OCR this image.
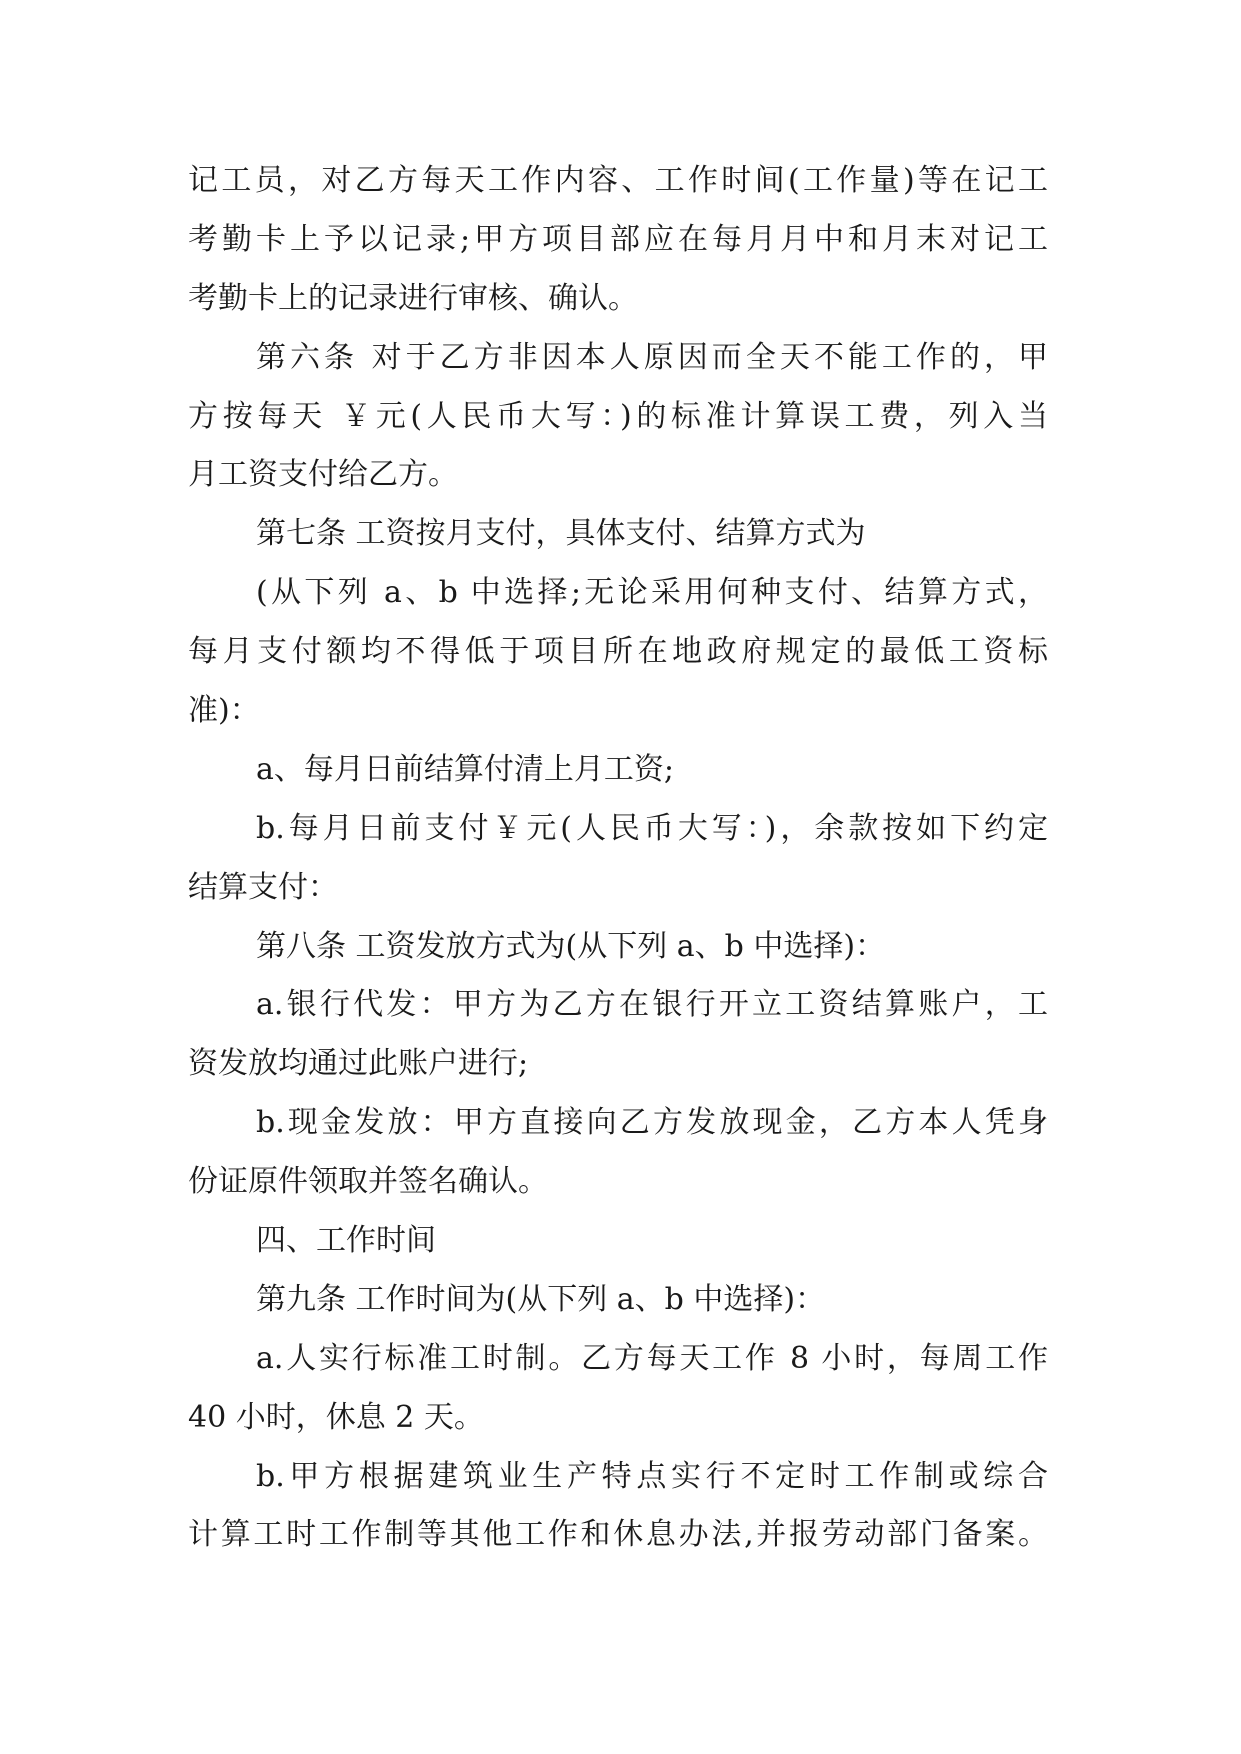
记工员，对乙方每天工作内容、工作时间(工作量)等在记工
考勤卡上予以记录;甲方项目部应在每月月中和月末对记工
考勤卡上的记录进行审核、确认。
第六条 对于乙方非因本人原因而全天不能工作的，甲
方按每天 ￥元(人民币大写：)的标准计算误工费，列入当
月工资支付给乙方。
第七条 工资按月支付，具体支付、结算方式为
(从下列 a、b 中选择;无论采用何种支付、结算方式，
每月支付额均不得低于项目所在地政府规定的最低工资标
准)：
a、每月日前结算付清上月工资;
b.每月日前支付￥元(人民币大写：)，余款按如下约定
结算支付：
第八条 工资发放方式为(从下列 a、b 中选择)：
a.银行代发：甲方为乙方在银行开立工资结算账户，工
资发放均通过此账户进行;
b.现金发放：甲方直接向乙方发放现金，乙方本人凭身
份证原件领取并签名确认。
四、工作时间
第九条 工作时间为(从下列 a、b 中选择)：
a.人实行标准工时制。乙方每天工作 8 小时，每周工作
40 小时，休息 2 天。
b.甲方根据建筑业生产特点实行不定时工作制或综合
计算工时工作制等其他工作和休息办法,并报劳动部门备案。
